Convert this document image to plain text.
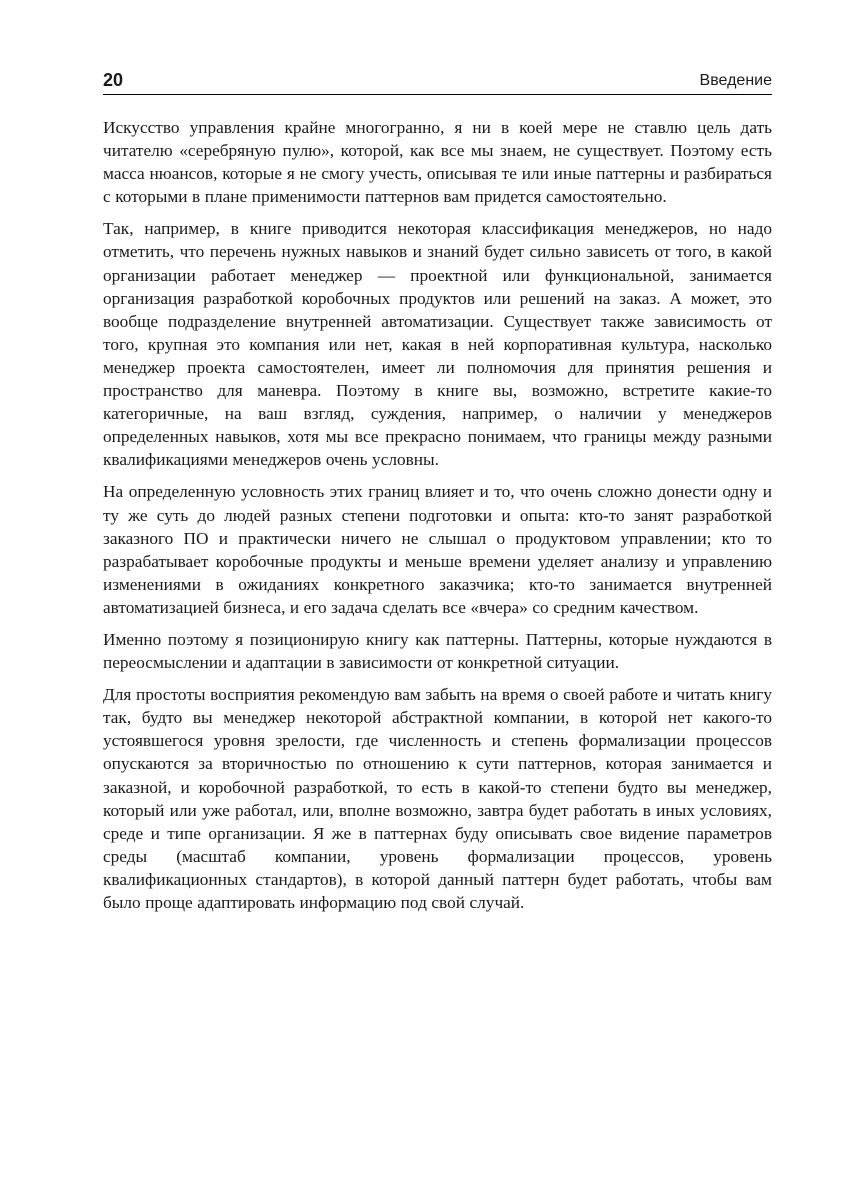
20	Введение

Искусство управления крайне многогранно, я ни в коей мере не ставлю цель дать читателю «серебряную пулю», которой, как все мы знаем, не существует. Поэтому есть масса нюансов, которые я не смогу учесть, описывая те или иные паттерны и разбираться с которыми в плане применимости паттернов вам придется самостоятельно.

Так, например, в книге приводится некоторая классификация менеджеров, но надо отметить, что перечень нужных навыков и знаний будет сильно зависеть от того, в какой организации работает менеджер — проектной или функциональной, занимается организация разработкой коробочных продуктов или решений на заказ. А может, это вообще подразделение внутренней автоматизации. Существует также зависимость от того, крупная это компания или нет, какая в ней корпоративная культура, насколько менеджер проекта самостоятелен, имеет ли полномочия для принятия решения и пространство для маневра. Поэтому в книге вы, возможно, встретите какие-то категоричные, на ваш взгляд, суждения, например, о наличии у менеджеров определенных навыков, хотя мы все прекрасно понимаем, что границы между разными квалификациями менеджеров очень условны.

На определенную условность этих границ влияет и то, что очень сложно донести одну и ту же суть до людей разных степени подготовки и опыта: кто-то занят разработкой заказного ПО и практически ничего не слышал о продуктовом управлении; кто то разрабатывает коробочные продукты и меньше времени уделяет анализу и управлению изменениями в ожиданиях конкретного заказчика; кто-то занимается внутренней автоматизацией бизнеса, и его задача сделать все «вчера» со средним качеством.

Именно поэтому я позиционирую книгу как паттерны. Паттерны, которые нуждаются в переосмыслении и адаптации в зависимости от конкретной ситуации.

Для простоты восприятия рекомендую вам забыть на время о своей работе и читать книгу так, будто вы менеджер некоторой абстрактной компании, в которой нет какого-то устоявшегося уровня зрелости, где численность и степень формализации процессов опускаются за вторичностью по отношению к сути паттернов, которая занимается и заказной, и коробочной разработкой, то есть в какой-то степени будто вы менеджер, который или уже работал, или, вполне возможно, завтра будет работать в иных условиях, среде и типе организации. Я же в паттернах буду описывать свое видение параметров среды (масштаб компании, уровень формализации процессов, уровень квалификационных стандартов), в которой данный паттерн будет работать, чтобы вам было проще адаптировать информацию под свой случай.
